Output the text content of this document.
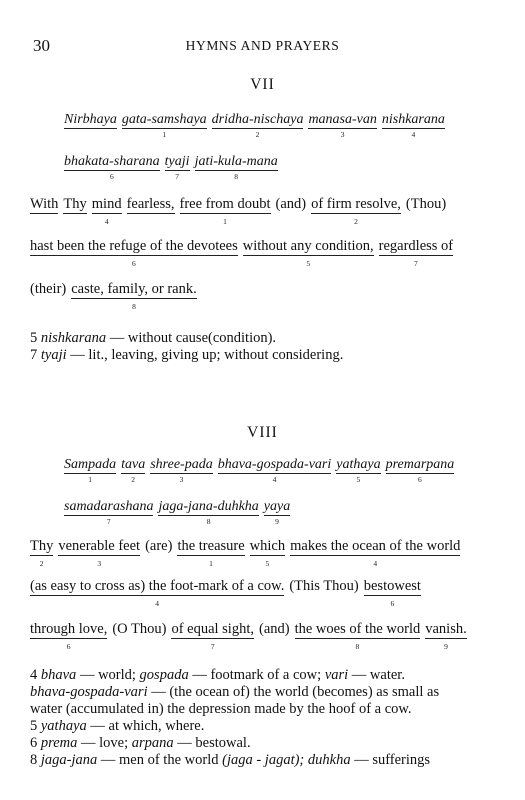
30	HYMNS AND PRAYERS
VII
Nirbhaya gata-samshaya
1
dridha-nischaya
2
manasa-van
3
nishkarana
4
bhakata-sharana
6
tyaji
7
jati-kula-mana
8
With Thy mind
4
fearless, free from doubt
1
(and) of firm resolve,
2
(Thou)
hast been the refuge of the devotees
6
without any condition,
5
regardless of
7
(their) caste, family, or rank.
8
5 nishkarana — without cause(condition).
7 tyaji — lit., leaving, giving up; without considering.
VIII
Sampada
1
tava
2
shree-pada
3
bhava-gospada-vari
4
yathaya
5
premarpana
6
samadarashana
7
jaga-jana-duhkha
8
yaya
9
Thy
2
venerable feet
3
(are) the treasure
1
which
5
makes the ocean of the world
4
(as easy to cross as) the foot-mark of a cow.
4
(This Thou) bestowest
6
through love,
6
(O Thou) of equal sight,
7
(and) the woes of the world
8
vanish.
9
4 bhava — world; gospada — footmark of a cow; vari — water.
bhava-gospada-vari — (the ocean of) the world (becomes) as small as
water (accumulated in) the depression made by the hoof of a cow.
5 yathaya — at which, where.
6 prema — love; arpana — bestowal.
8 jaga-jana — men of the world (jaga - jagat); duhkha — sufferings
